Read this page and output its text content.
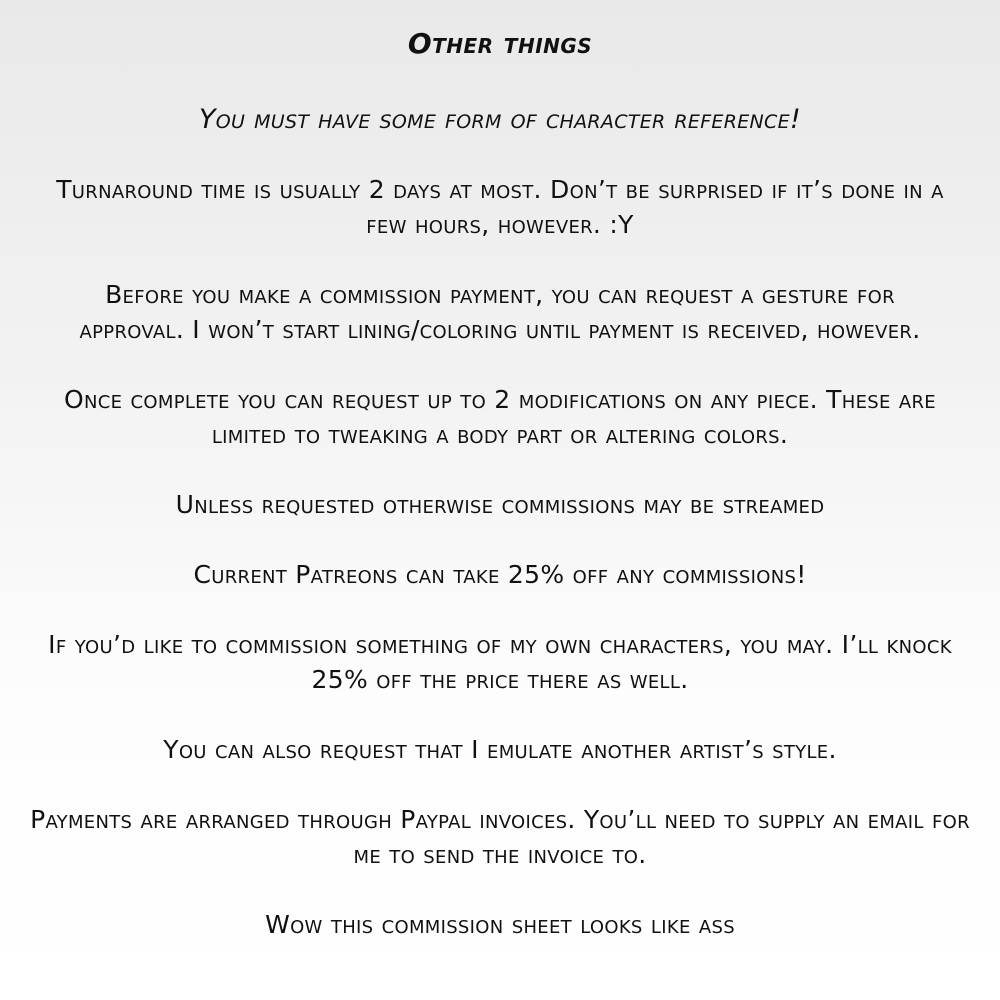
Other things
You must have some form of character reference!
Turnaround time is usually 2 days at most. Don’t be surprised if it’s done in a few hours, however. :Y
Before you make a commission payment, you can request a gesture for approval. I won’t start lining/coloring until payment is received, however.
Once complete you can request up to 2 modifications on any piece. These are limited to tweaking a body part or altering colors.
Unless requested otherwise commissions may be streamed
Current Patreons can take 25% off any commissions!
If you’d like to commission something of my own characters, you may. I’ll knock 25% off the price there as well.
You can also request that I emulate another artist’s style.
Payments are arranged through Paypal invoices. You’ll need to supply an email for me to send the invoice to.
Wow this commission sheet looks like ass
